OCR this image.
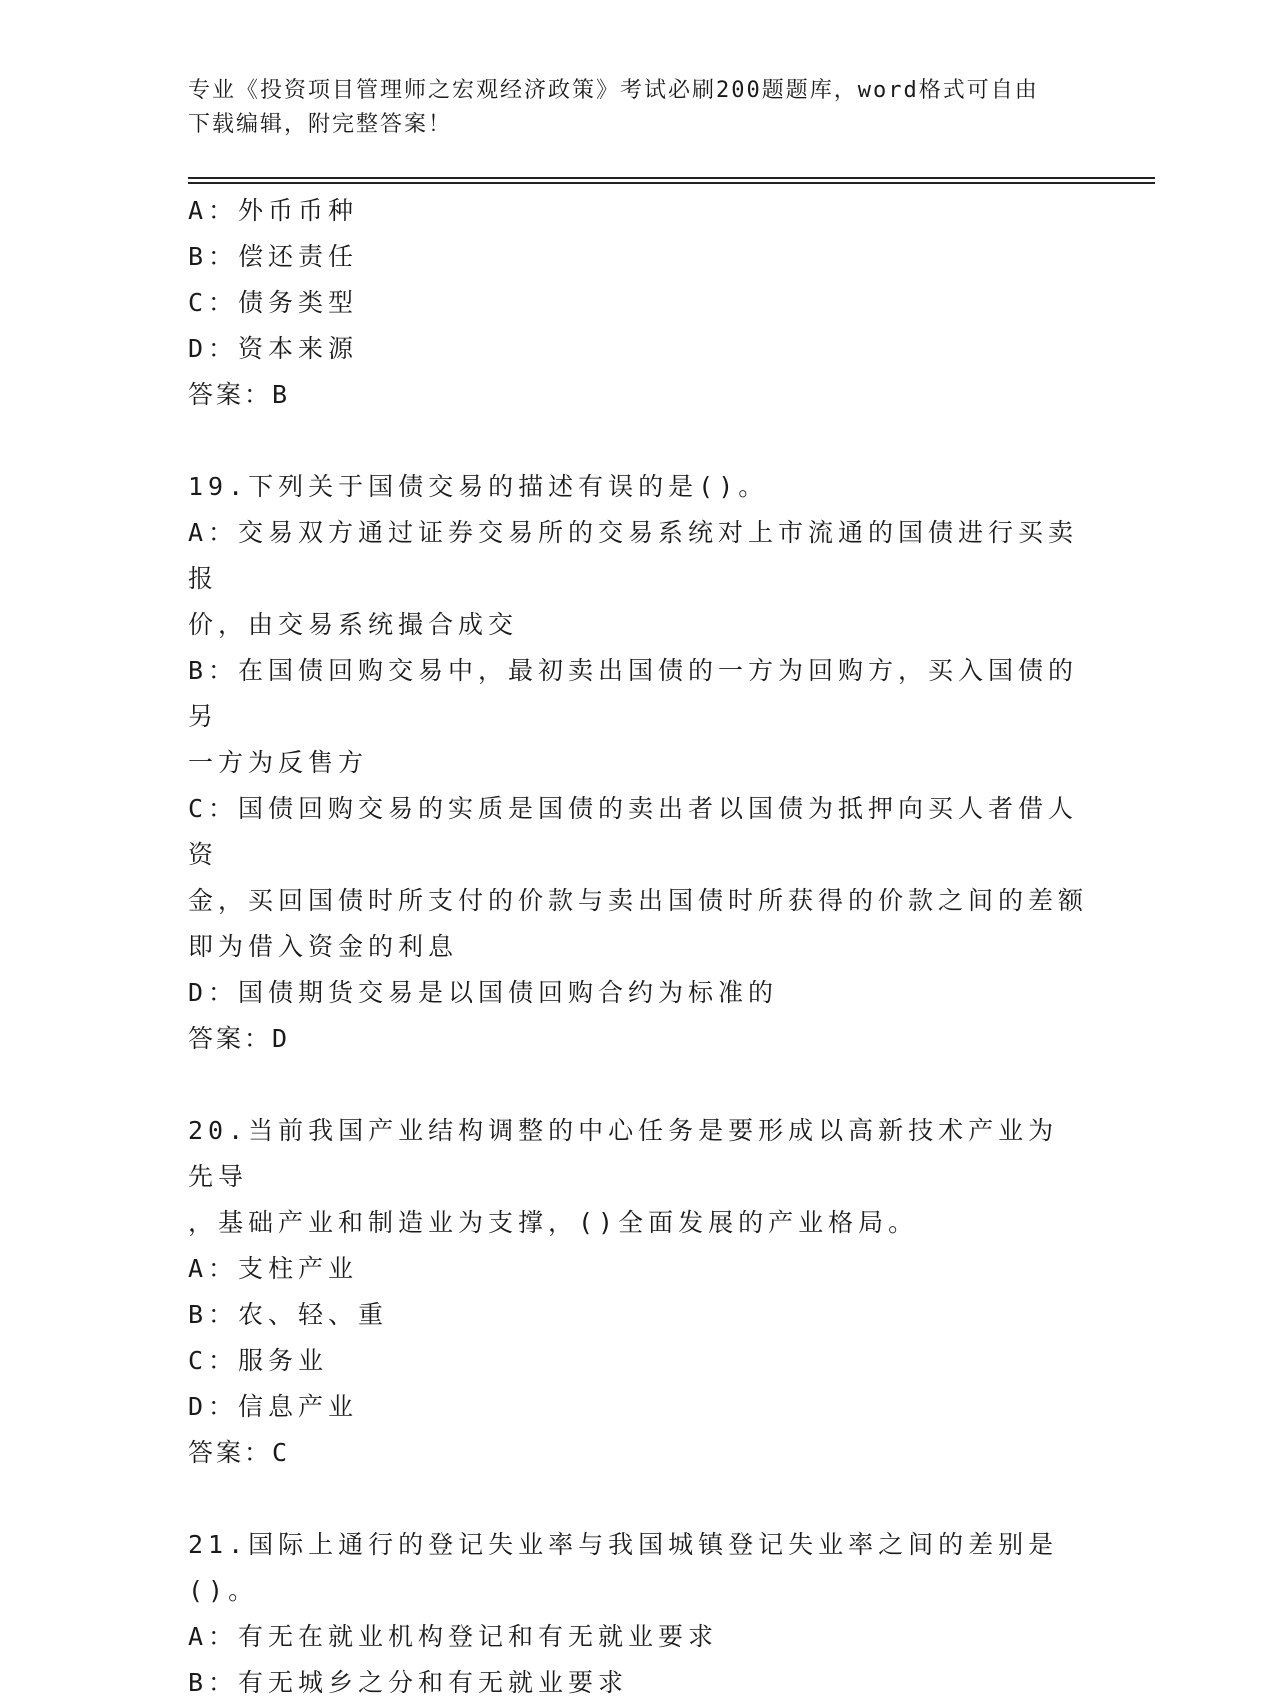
专业《投资项目管理师之宏观经济政策》考试必刷200题题库，word格式可自由
下载编辑，附完整答案！
A：外币币种
B：偿还责任
C：债务类型
D：资本来源
答案：B
19.下列关于国债交易的描述有误的是()。
A：交易双方通过证券交易所的交易系统对上市流通的国债进行买卖报
价，由交易系统撮合成交
B：在国债回购交易中，最初卖出国债的一方为回购方，买入国债的另
一方为反售方
C：国债回购交易的实质是国债的卖出者以国债为抵押向买人者借人资
金，买回国债时所支付的价款与卖出国债时所获得的价款之间的差额
即为借入资金的利息
D：国债期货交易是以国债回购合约为标准的
答案：D
20.当前我国产业结构调整的中心任务是要形成以高新技术产业为先导
，基础产业和制造业为支撑，()全面发展的产业格局。
A：支柱产业
B：农、轻、重
C：服务业
D：信息产业
答案：C
21.国际上通行的登记失业率与我国城镇登记失业率之间的差别是()。
A：有无在就业机构登记和有无就业要求
B：有无城乡之分和有无就业要求
